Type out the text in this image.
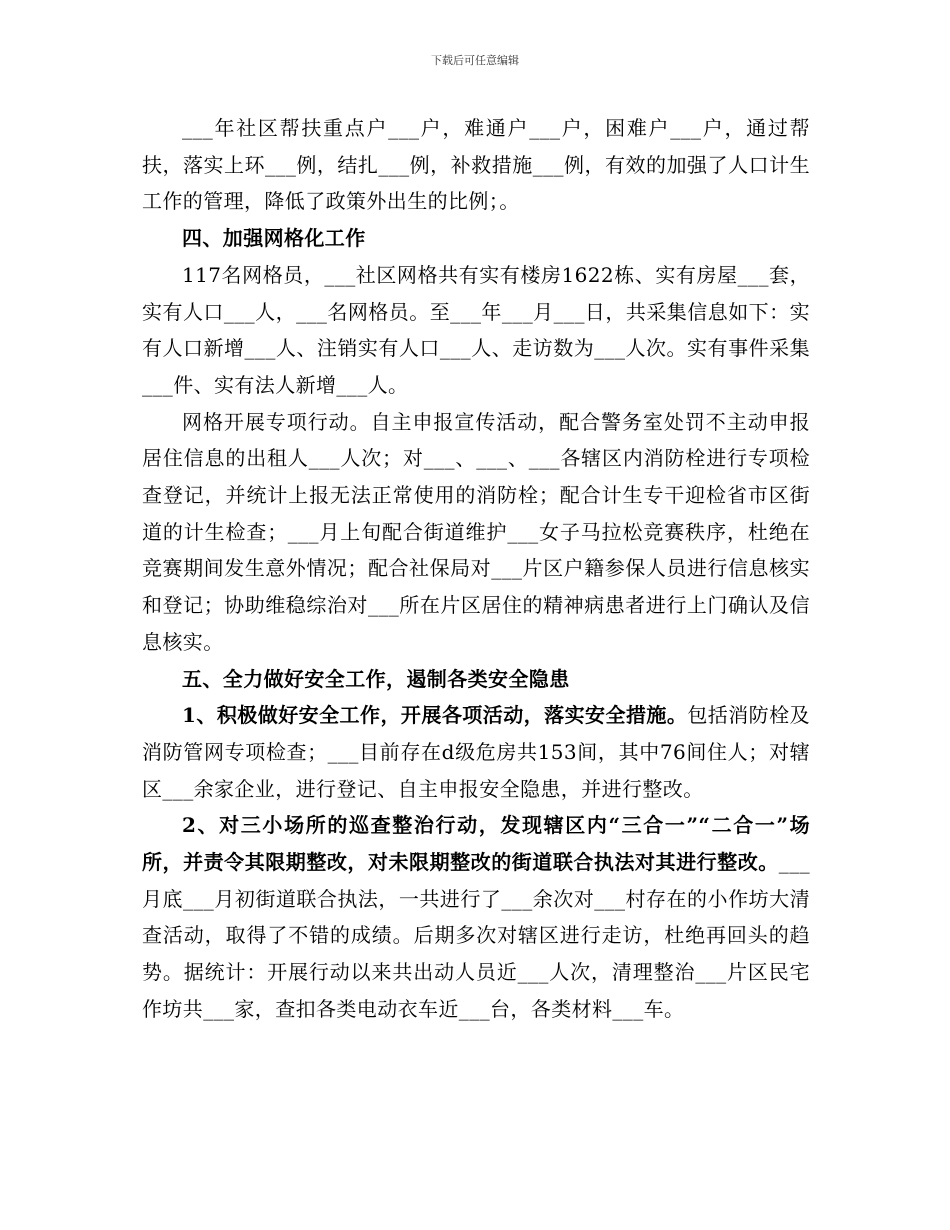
下载后可任意编辑

___年社区帮扶重点户___户，难通户___户，困难户___户，通过帮扶，落实上环___例，结扎___例，补救措施___例，有效的加强了人口计生工作的管理，降低了政策外出生的比例；。

四、加强网格化工作

117名网格员，___社区网格共有实有楼房1622栋、实有房屋___套，实有人口___人，___名网格员。至___年___月___日，共采集信息如下：实有人口新增___人、注销实有人口___人、走访数为___人次。实有事件采集___件、实有法人新增___人。

网格开展专项行动。自主申报宣传活动，配合警务室处罚不主动申报居住信息的出租人___人次；对___、___、___各辖区内消防栓进行专项检查登记，并统计上报无法正常使用的消防栓；配合计生专干迎检省市区街道的计生检查；___月上旬配合街道维护___女子马拉松竞赛秩序，杜绝在竞赛期间发生意外情况；配合社保局对___片区户籍参保人员进行信息核实和登记；协助维稳综治对___所在片区居住的精神病患者进行上门确认及信息核实。

五、全力做好安全工作，遏制各类安全隐患

1、积极做好安全工作，开展各项活动，落实安全措施。包括消防栓及消防管网专项检查；___目前存在d级危房共153间，其中76间住人；对辖区___余家企业，进行登记、自主申报安全隐患，并进行整改。

2、对三小场所的巡查整治行动，发现辖区内“三合一”“二合一”场所，并责令其限期整改，对未限期整改的街道联合执法对其进行整改。___月底___月初街道联合执法，一共进行了___余次对___村存在的小作坊大清查活动，取得了不错的成绩。后期多次对辖区进行走访，杜绝再回头的趋势。据统计：开展行动以来共出动人员近___人次，清理整治___片区民宅作坊共___家，查扣各类电动衣车近___台，各类材料___车。
